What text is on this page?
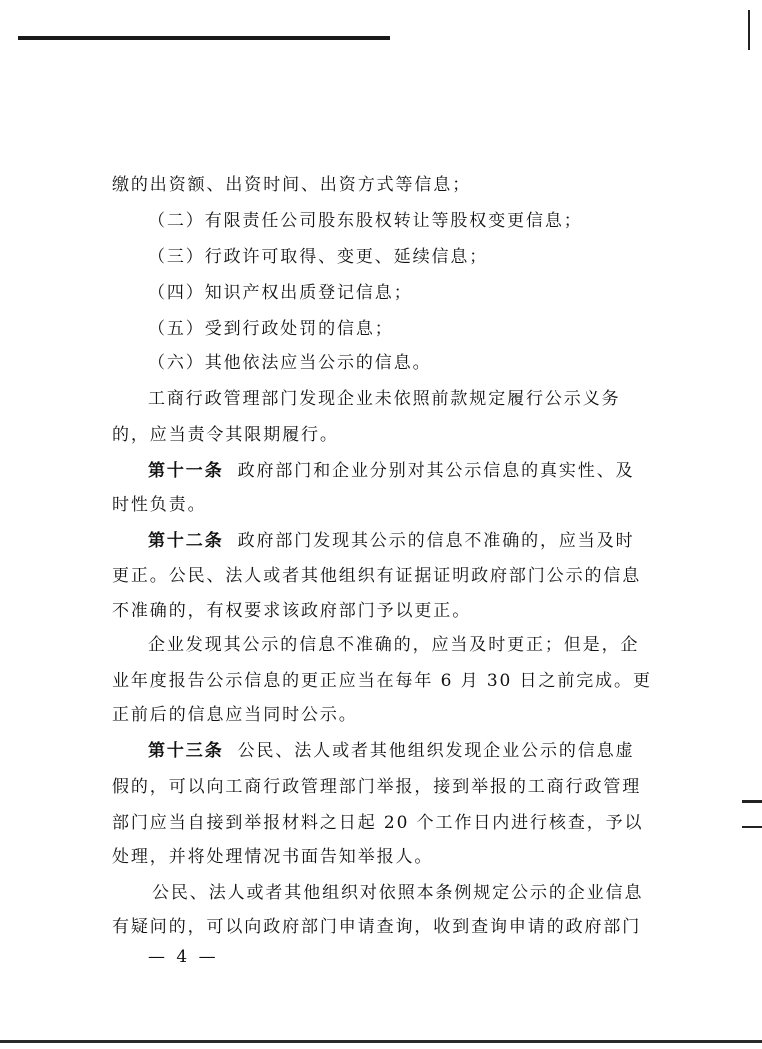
缴的出资额、出资时间、出资方式等信息；
（二）有限责任公司股东股权转让等股权变更信息；
（三）行政许可取得、变更、延续信息；
（四）知识产权出质登记信息；
（五）受到行政处罚的信息；
（六）其他依法应当公示的信息。
工商行政管理部门发现企业未依照前款规定履行公示义务
的，应当责令其限期履行。
第十一条 政府部门和企业分别对其公示信息的真实性、及
时性负责。
第十二条 政府部门发现其公示的信息不准确的，应当及时
更正。公民、法人或者其他组织有证据证明政府部门公示的信息
不准确的，有权要求该政府部门予以更正。
企业发现其公示的信息不准确的，应当及时更正；但是，企
业年度报告公示信息的更正应当在每年 6 月 30 日之前完成。更
正前后的信息应当同时公示。
第十三条 公民、法人或者其他组织发现企业公示的信息虚
假的，可以向工商行政管理部门举报，接到举报的工商行政管理
部门应当自接到举报材料之日起 20 个工作日内进行核查，予以
处理，并将处理情况书面告知举报人。
公民、法人或者其他组织对依照本条例规定公示的企业信息
有疑问的，可以向政府部门申请查询，收到查询申请的政府部门
— 4 —
